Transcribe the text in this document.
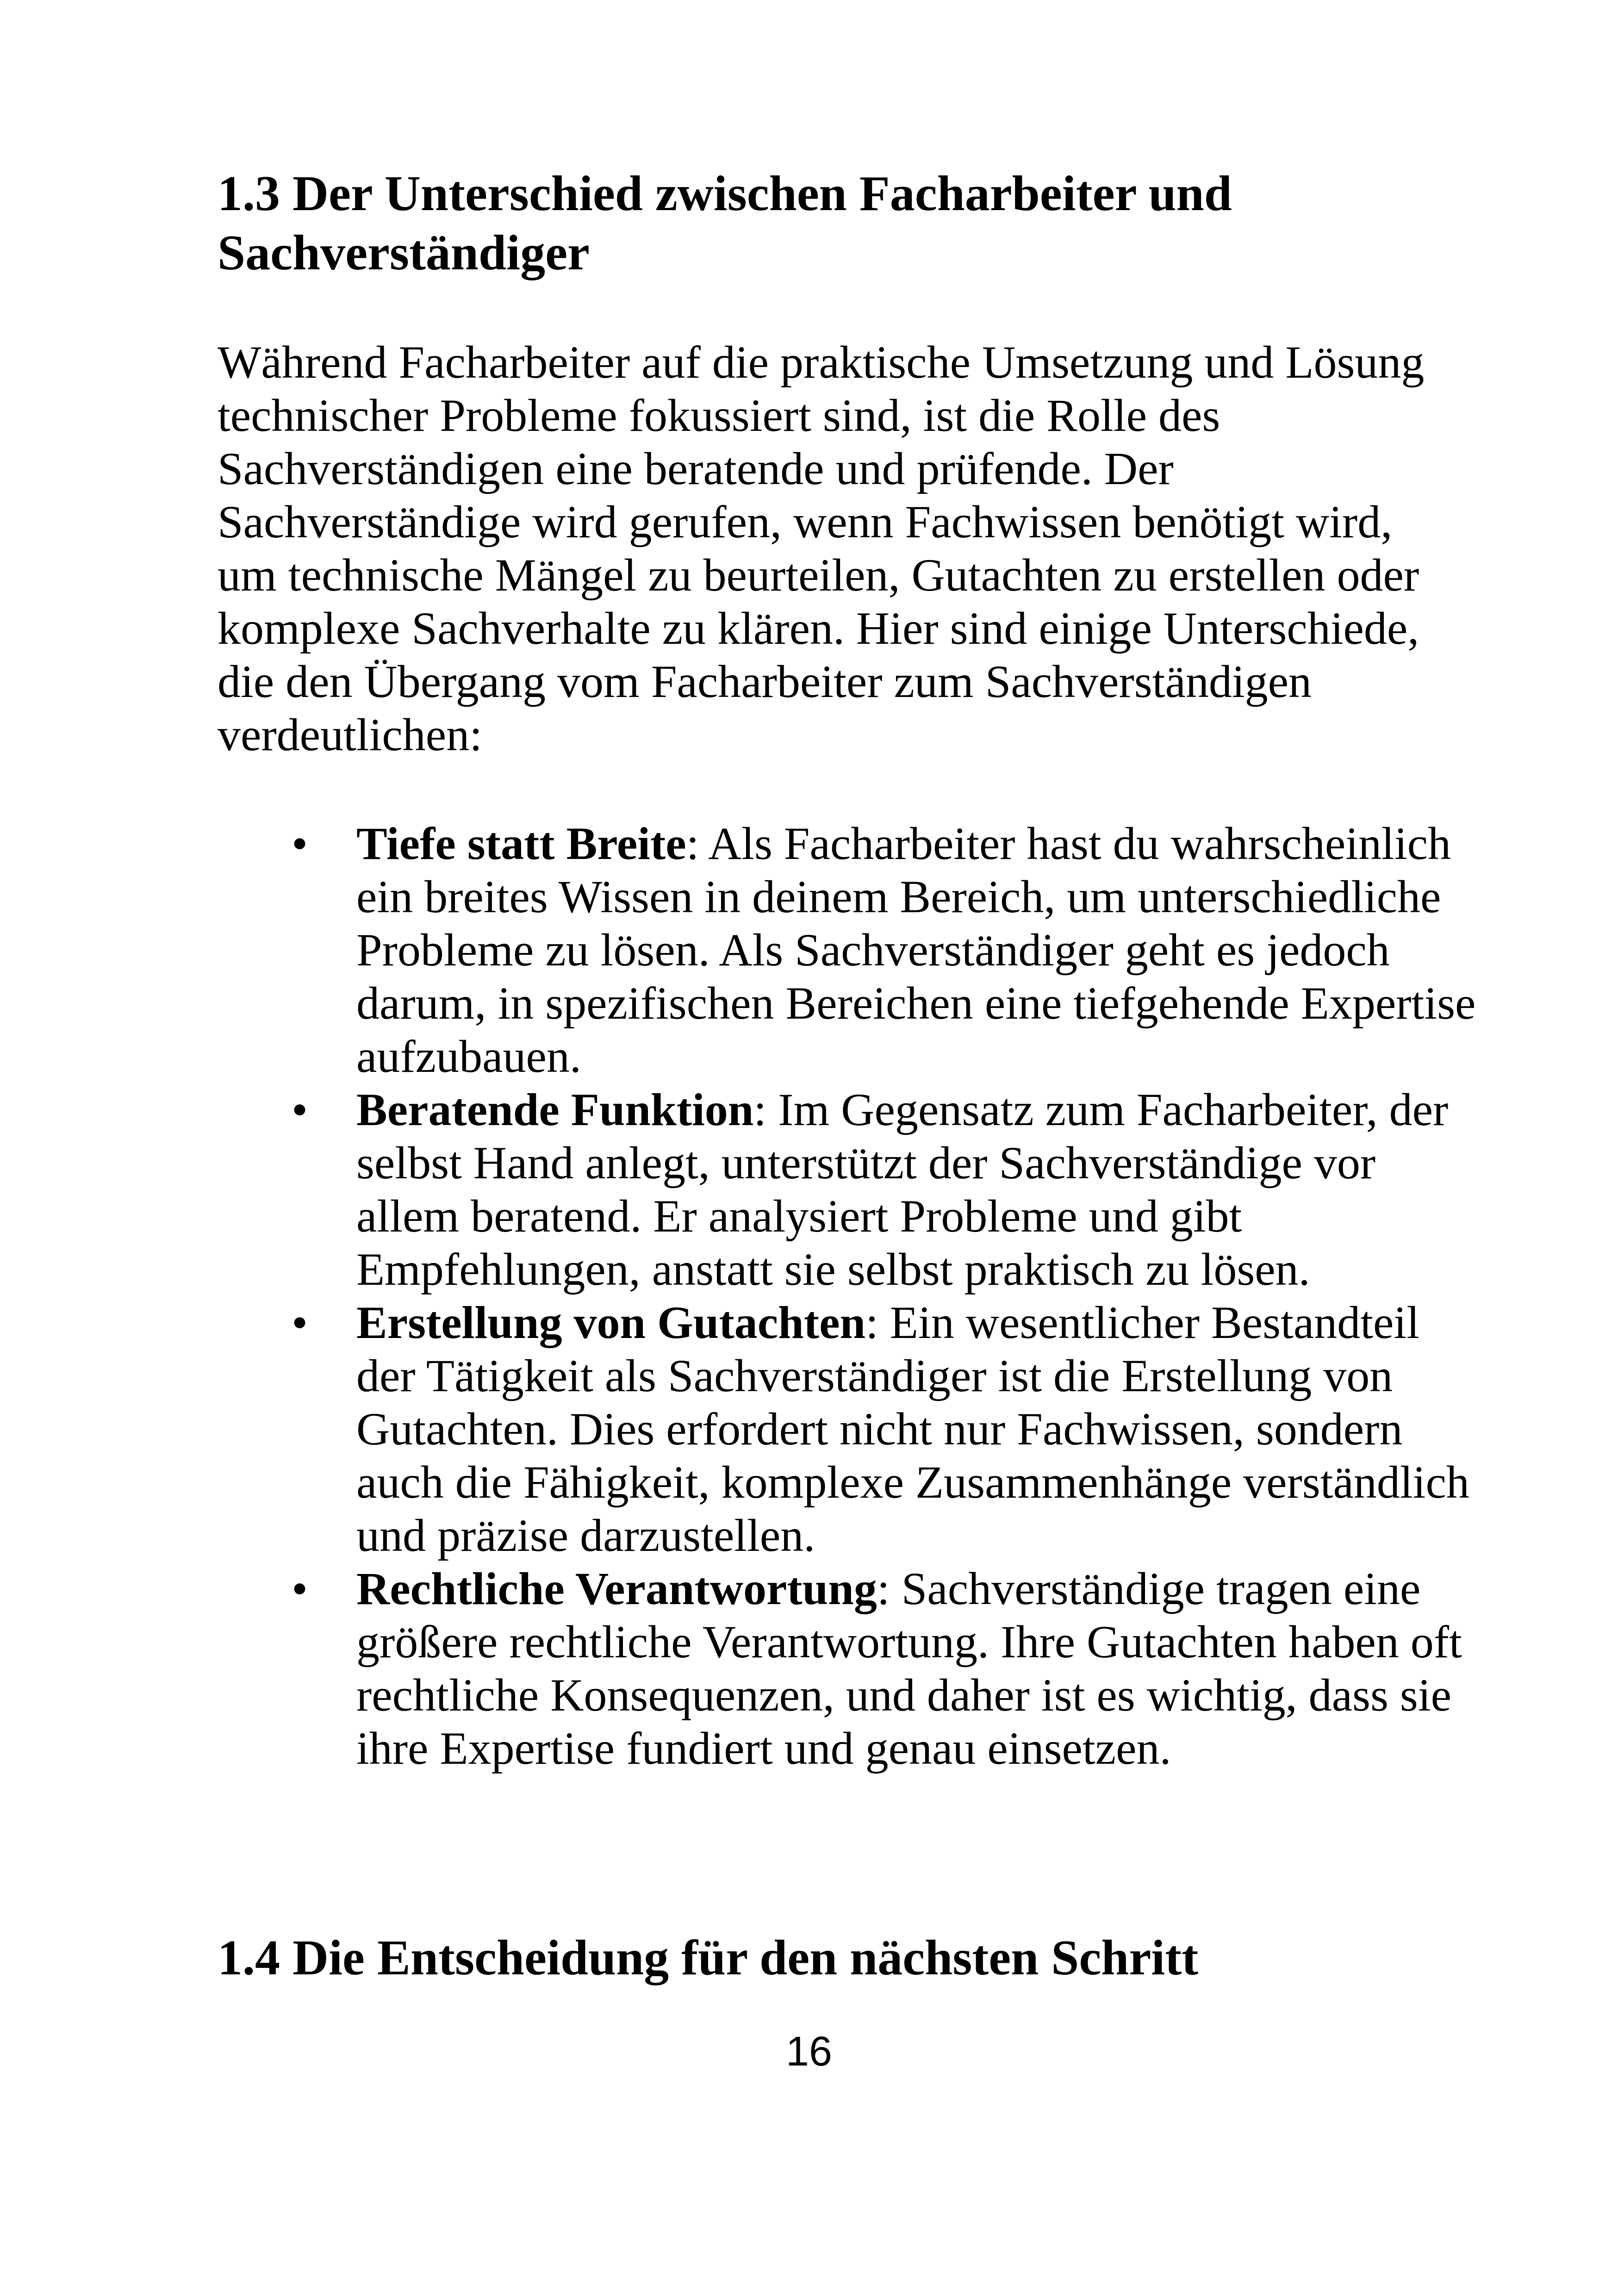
1.3 Der Unterschied zwischen Facharbeiter und Sachverständiger

Während Facharbeiter auf die praktische Umsetzung und Lösung technischer Probleme fokussiert sind, ist die Rolle des Sachverständigen eine beratende und prüfende. Der Sachverständige wird gerufen, wenn Fachwissen benötigt wird, um technische Mängel zu beurteilen, Gutachten zu erstellen oder komplexe Sachverhalte zu klären. Hier sind einige Unterschiede, die den Übergang vom Facharbeiter zum Sachverständigen verdeutlichen:

• Tiefe statt Breite: Als Facharbeiter hast du wahrscheinlich ein breites Wissen in deinem Bereich, um unterschiedliche Probleme zu lösen. Als Sachverständiger geht es jedoch darum, in spezifischen Bereichen eine tiefgehende Expertise aufzubauen.
• Beratende Funktion: Im Gegensatz zum Facharbeiter, der selbst Hand anlegt, unterstützt der Sachverständige vor allem beratend. Er analysiert Probleme und gibt Empfehlungen, anstatt sie selbst praktisch zu lösen.
• Erstellung von Gutachten: Ein wesentlicher Bestandteil der Tätigkeit als Sachverständiger ist die Erstellung von Gutachten. Dies erfordert nicht nur Fachwissen, sondern auch die Fähigkeit, komplexe Zusammenhänge verständlich und präzise darzustellen.
• Rechtliche Verantwortung: Sachverständige tragen eine größere rechtliche Verantwortung. Ihre Gutachten haben oft rechtliche Konsequenzen, und daher ist es wichtig, dass sie ihre Expertise fundiert und genau einsetzen.
1.4 Die Entscheidung für den nächsten Schritt
16
